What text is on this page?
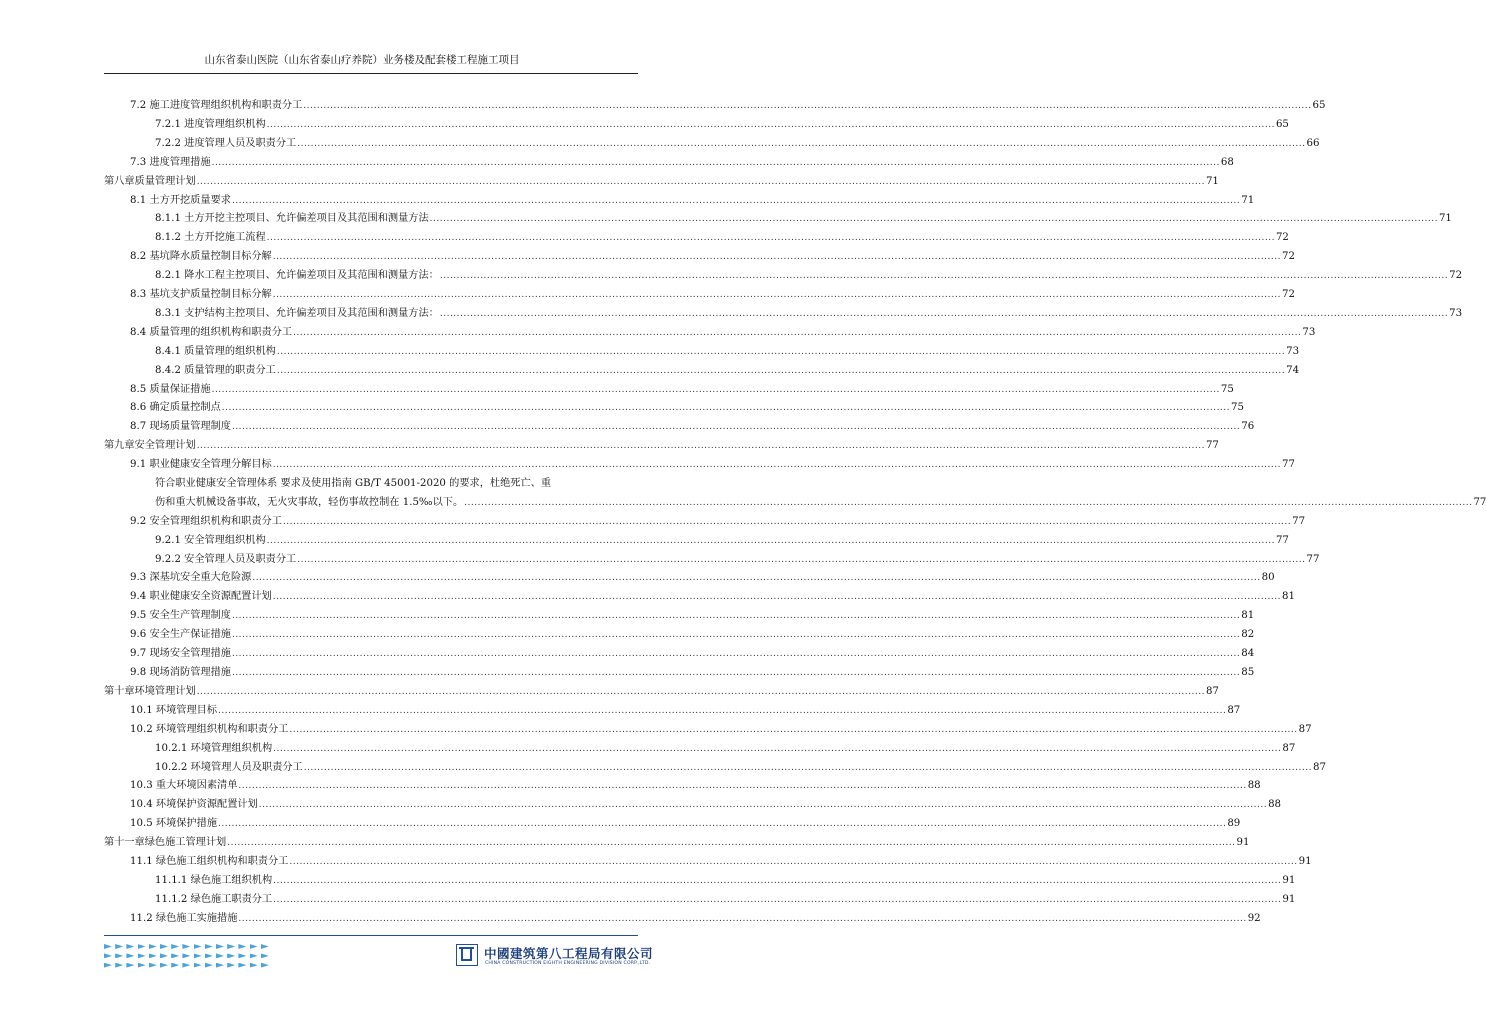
山东省泰山医院（山东省泰山疗养院）业务楼及配套楼工程施工项目
7.2 施工进度管理组织机构和职责分工 ............................................................................................................................................................................................................................................................................................................ 65
7.2.1 进度管理组织机构 ............................................................................................................................................................................................................................................................................................................ 65
7.2.2 进度管理人员及职责分工 ............................................................................................................................................................................................................................................................................................................ 66
7.3 进度管理措施 ............................................................................................................................................................................................................................................................................................................ 68
第八章质量管理计划 ............................................................................................................................................................................................................................................................................................................ 71
8.1 土方开挖质量要求 ............................................................................................................................................................................................................................................................................................................ 71
8.1.1 土方开挖主控项目、允许偏差项目及其范围和测量方法 ............................................................................................................................................................................................................................................................................................................ 71
8.1.2 土方开挖施工流程 ............................................................................................................................................................................................................................................................................................................ 72
8.2 基坑降水质量控制目标分解 ............................................................................................................................................................................................................................................................................................................ 72
8.2.1 降水工程主控项目、允许偏差项目及其范围和测量方法： ............................................................................................................................................................................................................................................................................................................ 72
8.3 基坑支护质量控制目标分解 ............................................................................................................................................................................................................................................................................................................ 72
8.3.1 支护结构主控项目、允许偏差项目及其范围和测量方法： ............................................................................................................................................................................................................................................................................................................ 73
8.4 质量管理的组织机构和职责分工 ............................................................................................................................................................................................................................................................................................................ 73
8.4.1 质量管理的组织机构 ............................................................................................................................................................................................................................................................................................................ 73
8.4.2 质量管理的职责分工 ............................................................................................................................................................................................................................................................................................................ 74
8.5 质量保证措施 ............................................................................................................................................................................................................................................................................................................ 75
8.6 确定质量控制点 ............................................................................................................................................................................................................................................................................................................ 75
8.7 现场质量管理制度 ............................................................................................................................................................................................................................................................................................................ 76
第九章安全管理计划 ............................................................................................................................................................................................................................................................................................................ 77
9.1 职业健康安全管理分解目标 ............................................................................................................................................................................................................................................................................................................ 77
符合职业健康安全管理体系 要求及使用指南 GB/T 45001-2020 的要求，杜绝死亡、重
伤和重大机械设备事故，无火灾事故，轻伤事故控制在 1.5‰以下。 ............................................................................................................................................................................................................................................................................................................ 77
9.2 安全管理组织机构和职责分工 ............................................................................................................................................................................................................................................................................................................ 77
9.2.1 安全管理组织机构 ............................................................................................................................................................................................................................................................................................................ 77
9.2.2 安全管理人员及职责分工 ............................................................................................................................................................................................................................................................................................................ 77
9.3 深基坑安全重大危险源 ............................................................................................................................................................................................................................................................................................................ 80
9.4 职业健康安全资源配置计划 ............................................................................................................................................................................................................................................................................................................ 81
9.5 安全生产管理制度 ............................................................................................................................................................................................................................................................................................................ 81
9.6 安全生产保证措施 ............................................................................................................................................................................................................................................................................................................ 82
9.7 现场安全管理措施 ............................................................................................................................................................................................................................................................................................................ 84
9.8 现场消防管理措施 ............................................................................................................................................................................................................................................................................................................ 85
第十章环境管理计划 ............................................................................................................................................................................................................................................................................................................ 87
10.1 环境管理目标 ............................................................................................................................................................................................................................................................................................................ 87
10.2 环境管理组织机构和职责分工 ............................................................................................................................................................................................................................................................................................................ 87
10.2.1 环境管理组织机构 ............................................................................................................................................................................................................................................................................................................ 87
10.2.2 环境管理人员及职责分工 ............................................................................................................................................................................................................................................................................................................ 87
10.3 重大环境因素清单 ............................................................................................................................................................................................................................................................................................................ 88
10.4 环境保护资源配置计划 ............................................................................................................................................................................................................................................................................................................ 88
10.5 环境保护措施 ............................................................................................................................................................................................................................................................................................................ 89
第十一章绿色施工管理计划 ............................................................................................................................................................................................................................................................................................................ 91
11.1 绿色施工组织机构和职责分工 ............................................................................................................................................................................................................................................................................................................ 91
11.1.1 绿色施工组织机构 ............................................................................................................................................................................................................................................................................................................ 91
11.1.2 绿色施工职责分工 ............................................................................................................................................................................................................................................................................................................ 91
11.2 绿色施工实施措施 ............................................................................................................................................................................................................................................................................................................ 92
中國建筑第八工程局有限公司
CHINA CONSTRUCTION EIGHTH ENGINEERING DIVISION CORP.,LTD.
